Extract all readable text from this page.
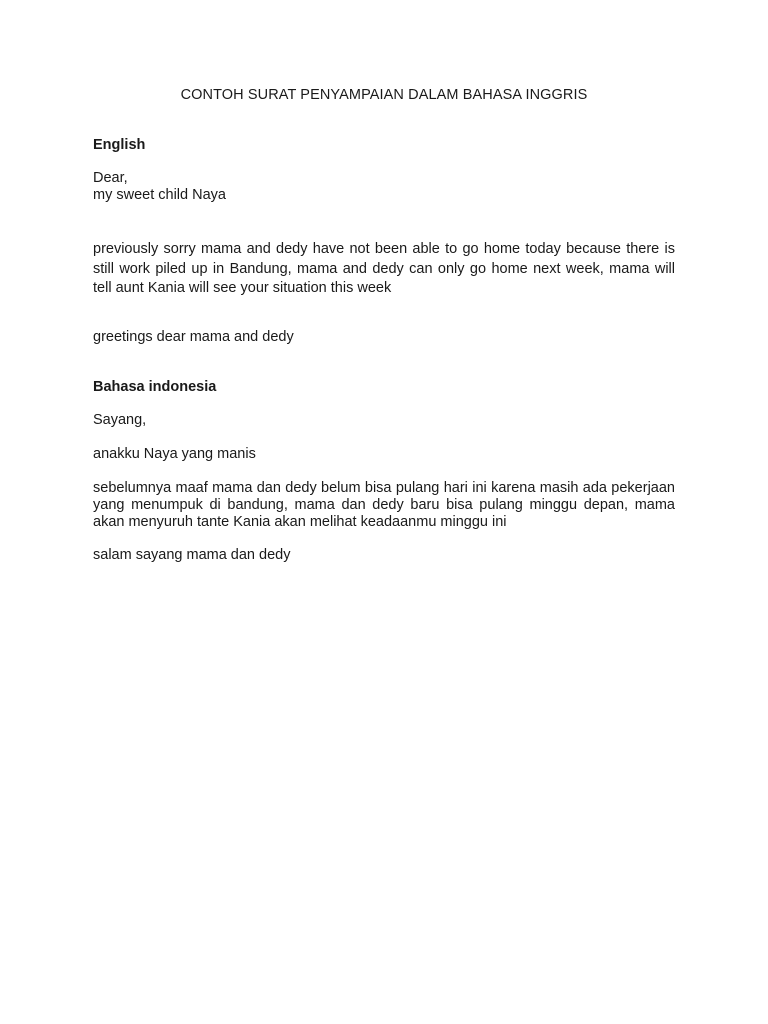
CONTOH SURAT PENYAMPAIAN DALAM BAHASA INGGRIS

English

Dear,

my sweet child Naya

previously sorry mama and dedy have not been able to go home today because there is still work piled up in Bandung, mama and dedy can only go home next week, mama will tell aunt Kania will see your situation this week

greetings dear mama and dedy

Bahasa indonesia

Sayang,

anakku Naya yang manis

sebelumnya maaf mama dan dedy belum bisa pulang hari ini karena masih ada pekerjaan yang menumpuk di bandung, mama dan dedy baru bisa pulang minggu depan, mama akan menyuruh tante Kania akan melihat keadaanmu minggu ini

salam sayang mama dan dedy
